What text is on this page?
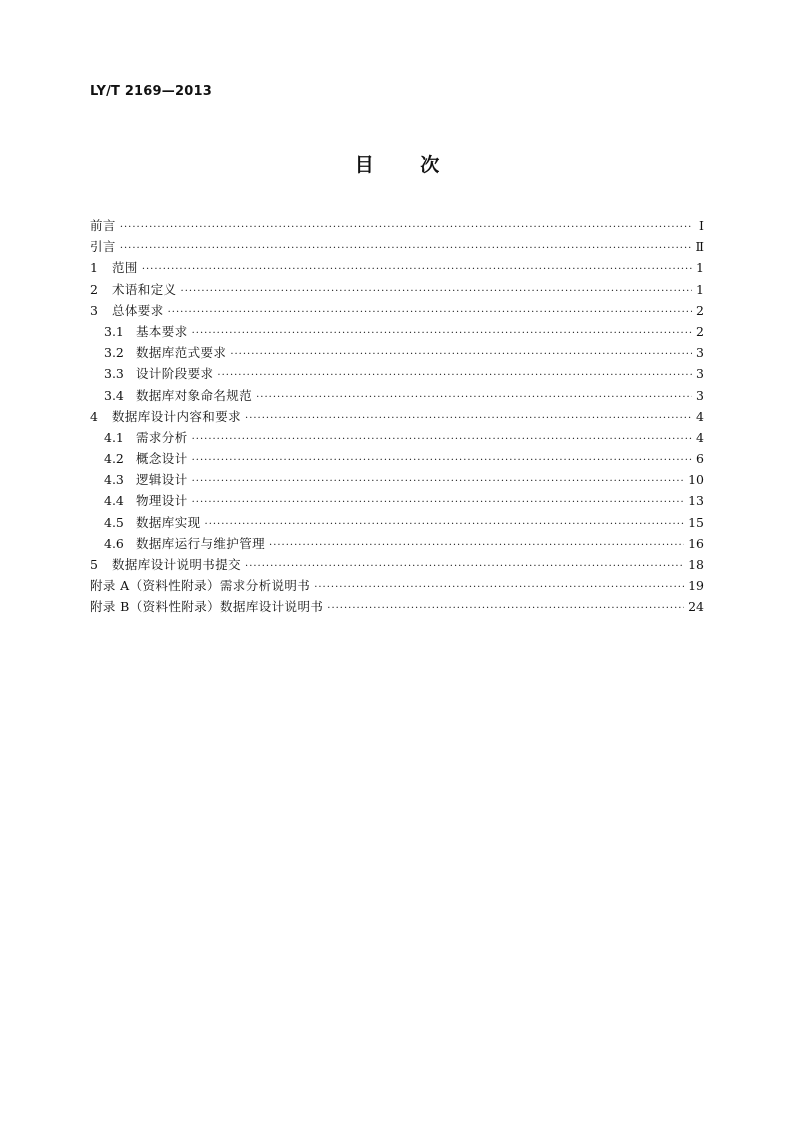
LY/T 2169—2013
目 次
前言 ·····	Ⅰ
引言 ·····	Ⅱ
1	范围 ·····	1
2	术语和定义 ·····	1
3	总体要求 ·····	2
3.1 基本要求 ·····	2
3.2 数据库范式要求 ·····	3
3.3 设计阶段要求 ·····	3
3.4 数据库对象命名规范 ·····	3
4	数据库设计内容和要求 ·····	4
4.1 需求分析 ·····	4
4.2 概念设计 ·····	6
4.3 逻辑设计 ·····	10
4.4 物理设计 ·····	13
4.5 数据库实现 ·····	15
4.6 数据库运行与维护管理 ·····	16
5	数据库设计说明书提交 ·····	18
附录 A（资料性附录）需求分析说明书 ·····	19
附录 B（资料性附录）数据库设计说明书 ·····	24
